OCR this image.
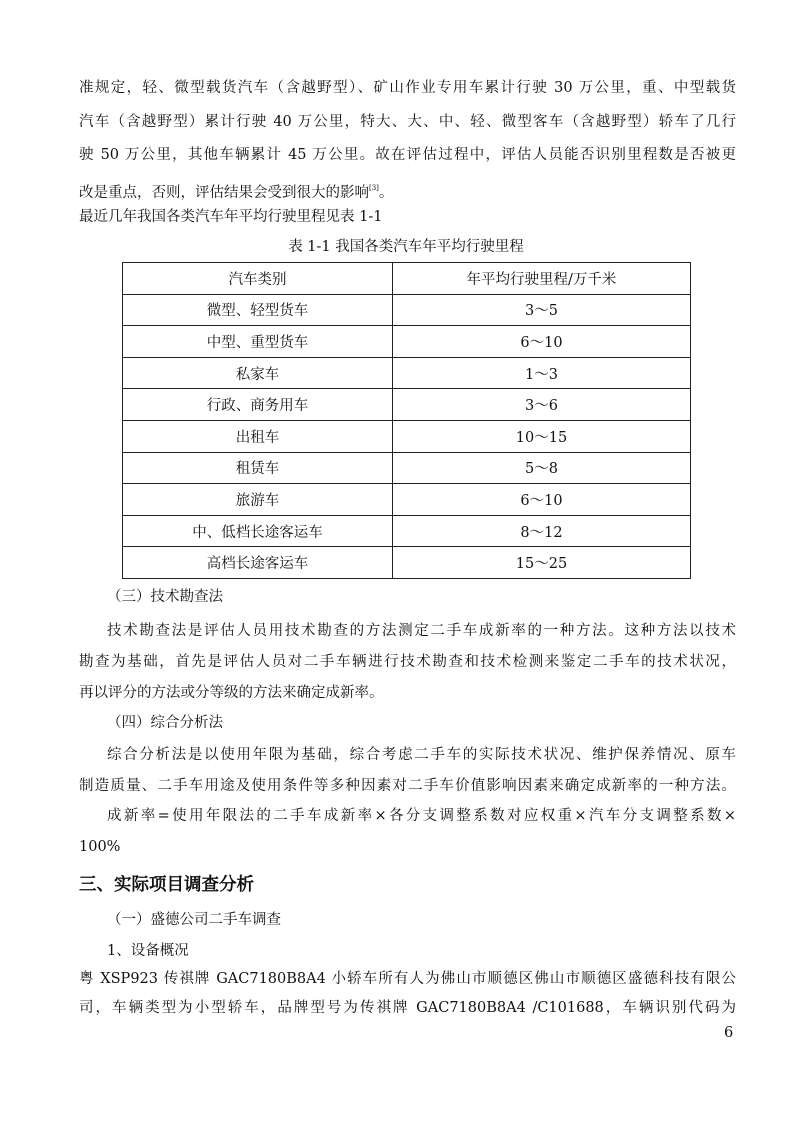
准规定，轻、微型载货汽车（含越野型）、矿山作业专用车累计行驶 30 万公里，重、中型载货
汽车（含越野型）累计行驶 40 万公里，特大、大、中、轻、微型客车（含越野型）轿车了几行
驶 50 万公里，其他车辆累计 45 万公里。故在评估过程中，评估人员能否识别里程数是否被更
改是重点，否则，评估结果会受到很大的影响[3]。
最近几年我国各类汽车年平均行驶里程见表 1-1
表 1-1 我国各类汽车年平均行驶里程
汽车类别	年平均行驶里程/万千米
微型、轻型货车	3～5
中型、重型货车	6～10
私家车	1～3
行政、商务用车	3～6
出租车	10～15
租赁车	5～8
旅游车	6～10
中、低档长途客运车	8～12
高档长途客运车	15～25
（三）技术勘查法
技术勘查法是评估人员用技术勘查的方法测定二手车成新率的一种方法。这种方法以技术
勘查为基础，首先是评估人员对二手车辆进行技术勘查和技术检测来鉴定二手车的技术状况，
再以评分的方法或分等级的方法来确定成新率。
（四）综合分析法
综合分析法是以使用年限为基础，综合考虑二手车的实际技术状况、维护保养情况、原车
制造质量、二手车用途及使用条件等多种因素对二手车价值影响因素来确定成新率的一种方法。
成新率=使用年限法的二手车成新率×各分支调整系数对应权重×汽车分支调整系数×
100%
三、实际项目调查分析
（一）盛德公司二手车调查
1、设备概况
粤 XSP923 传祺牌 GAC7180B8A4 小轿车所有人为佛山市顺德区佛山市顺德区盛德科技有限公
司，车辆类型为小型轿车，品牌型号为传祺牌 GAC7180B8A4 /C101688，车辆识别代码为
6
